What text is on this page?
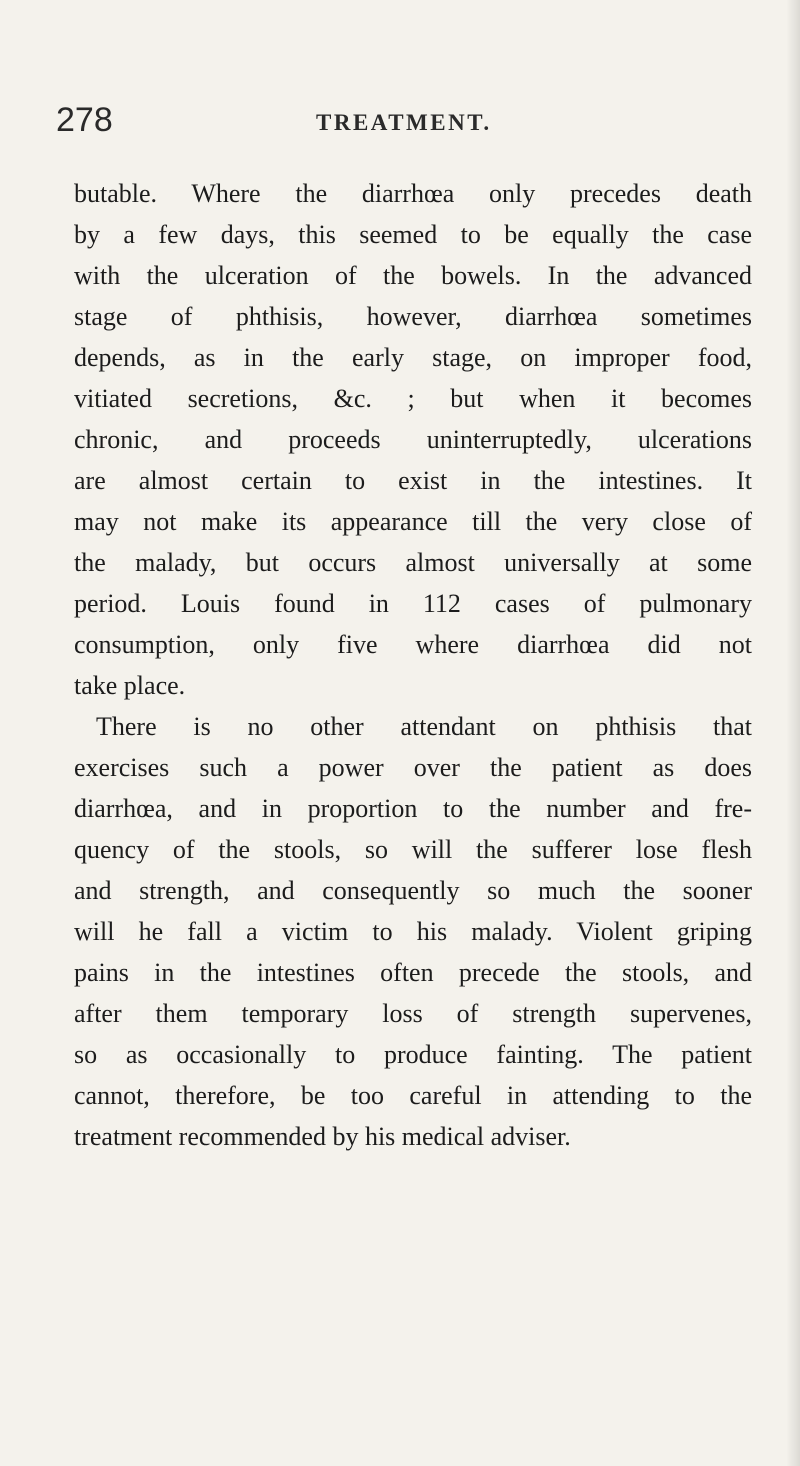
278	TREATMENT.
butable. Where the diarrhœa only precedes death
by a few days, this seemed to be equally the case
with the ulceration of the bowels. In the advanced
stage of phthisis, however, diarrhœa sometimes
depends, as in the early stage, on improper food,
vitiated secretions, &c. ; but when it becomes
chronic, and proceeds uninterruptedly, ulcerations
are almost certain to exist in the intestines. It
may not make its appearance till the very close of
the malady, but occurs almost universally at some
period. Louis found in 112 cases of pulmonary
consumption, only five where diarrhœa did not
take place.
There is no other attendant on phthisis that
exercises such a power over the patient as does
diarrhœa, and in proportion to the number and fre-
quency of the stools, so will the sufferer lose flesh
and strength, and consequently so much the sooner
will he fall a victim to his malady. Violent griping
pains in the intestines often precede the stools, and
after them temporary loss of strength supervenes,
so as occasionally to produce fainting. The patient
cannot, therefore, be too careful in attending to the
treatment recommended by his medical adviser.
